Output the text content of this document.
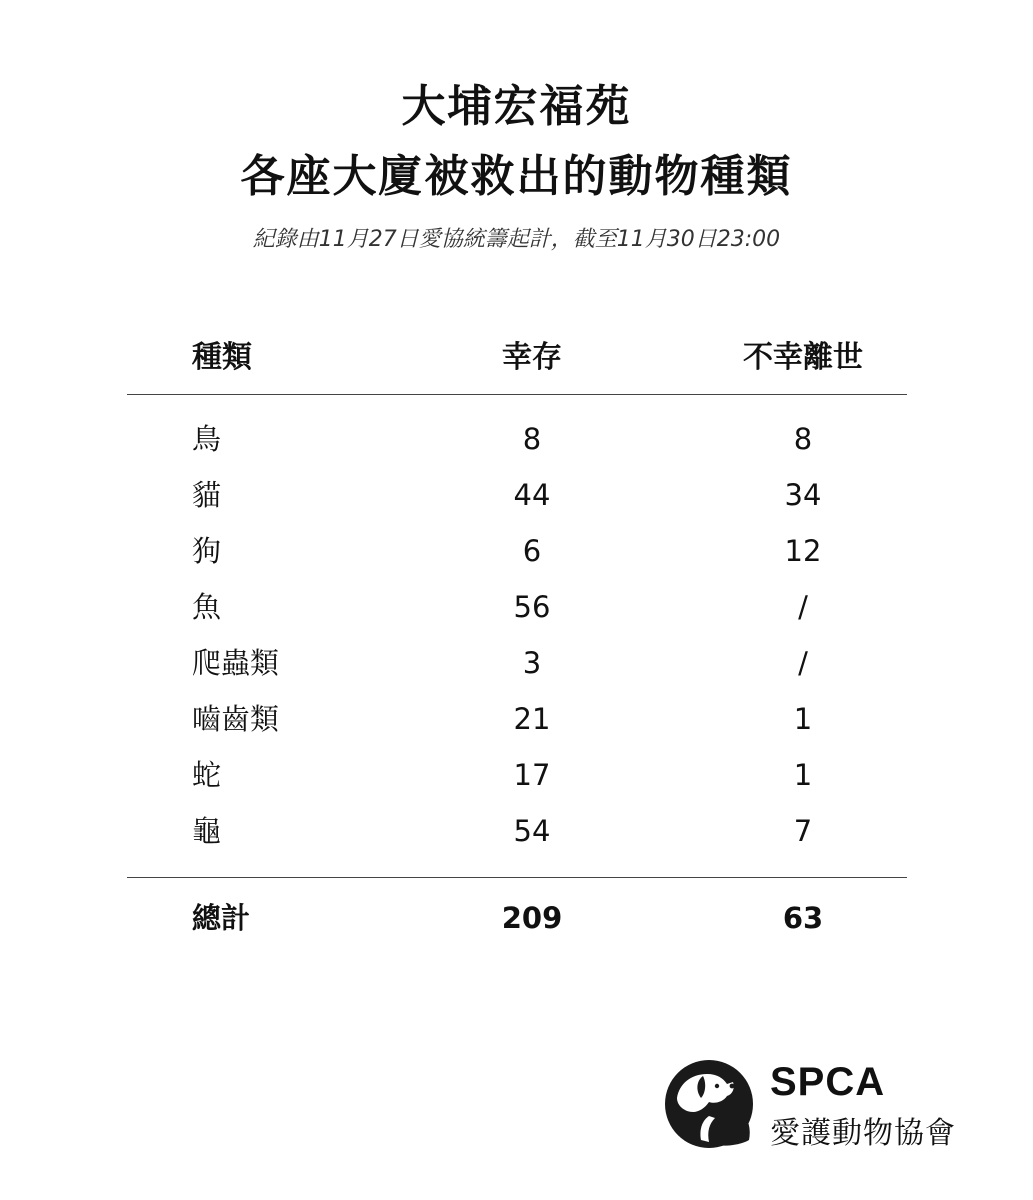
大埔宏福苑
各座大廈被救出的動物種類
紀錄由11月27日愛協統籌起計，截至11月30日23:00
種類	幸存	不幸離世
鳥	8	8
貓	44	34
狗	6	12
魚	56	/
爬蟲類	3	/
嚙齒類	21	1
蛇	17	1
龜	54	7
總計	209	63
SPCA
愛護動物協會
